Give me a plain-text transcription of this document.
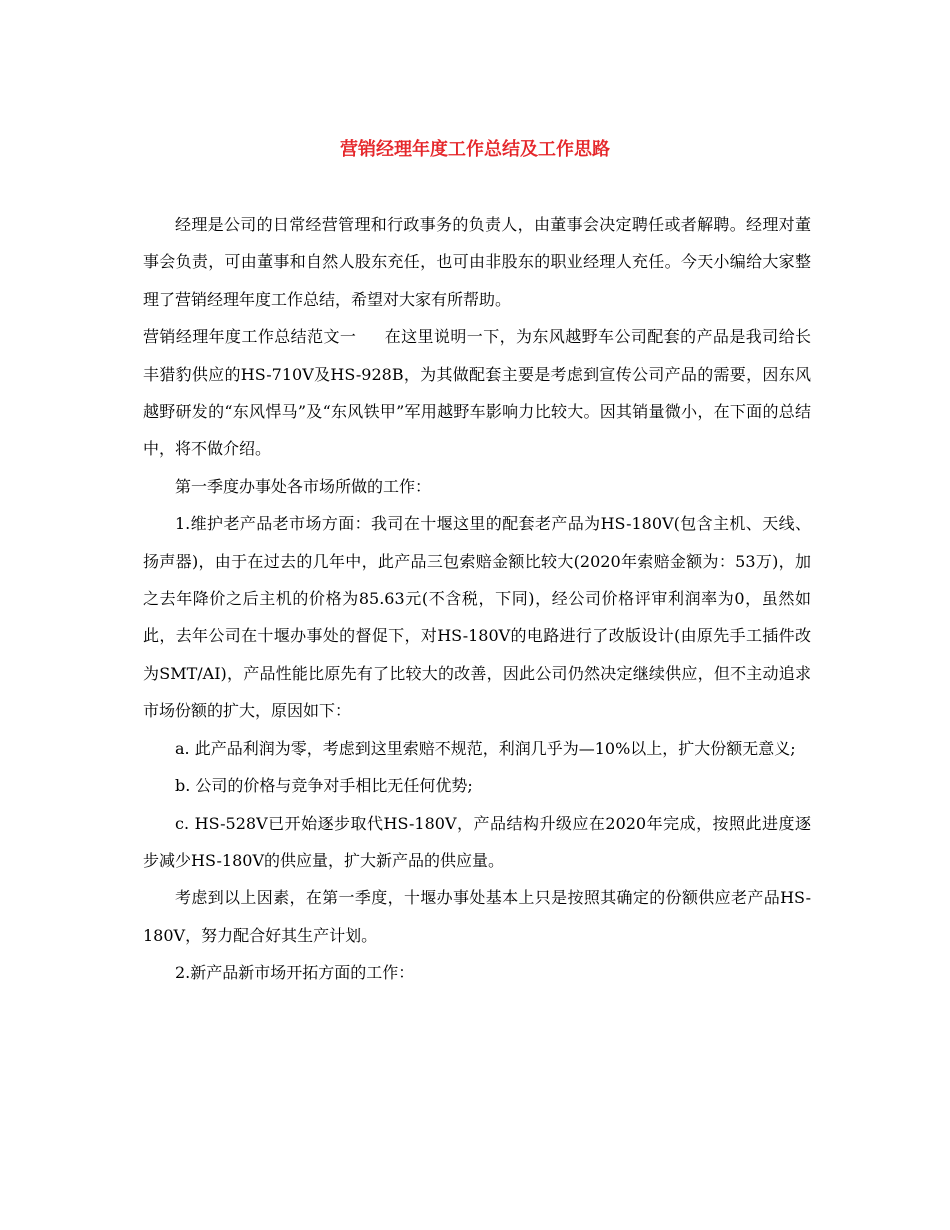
营销经理年度工作总结及工作思路

经理是公司的日常经营管理和行政事务的负责人，由董事会决定聘任或者解聘。经理对董事会负责，可由董事和自然人股东充任，也可由非股东的职业经理人充任。今天小编给大家整理了营销经理年度工作总结，希望对大家有所帮助。
营销经理年度工作总结范文一 在这里说明一下，为东风越野车公司配套的产品是我司给长丰猎豹供应的HS-710V及HS-928B，为其做配套主要是考虑到宣传公司产品的需要，因东风越野研发的“东风悍马”及“东风铁甲”军用越野车影响力比较大。因其销量微小，在下面的总结中，将不做介绍。

第一季度办事处各市场所做的工作：

1.维护老产品老市场方面：我司在十堰这里的配套老产品为HS-180V(包含主机、天线、扬声器)，由于在过去的几年中，此产品三包索赔金额比较大(2020年索赔金额为：53万)，加之去年降价之后主机的价格为85.63元(不含税，下同)，经公司价格评审利润率为0，虽然如此，去年公司在十堰办事处的督促下，对HS-180V的电路进行了改版设计(由原先手工插件改为SMT/AI)，产品性能比原先有了比较大的改善，因此公司仍然决定继续供应，但不主动追求市场份额的扩大，原因如下：

a. 此产品利润为零，考虑到这里索赔不规范，利润几乎为—10%以上，扩大份额无意义;

b. 公司的价格与竞争对手相比无任何优势;

c. HS-528V已开始逐步取代HS-180V，产品结构升级应在2020年完成，按照此进度逐步减少HS-180V的供应量，扩大新产品的供应量。

考虑到以上因素，在第一季度，十堰办事处基本上只是按照其确定的份额供应老产品HS-180V，努力配合好其生产计划。

2.新产品新市场开拓方面的工作：
